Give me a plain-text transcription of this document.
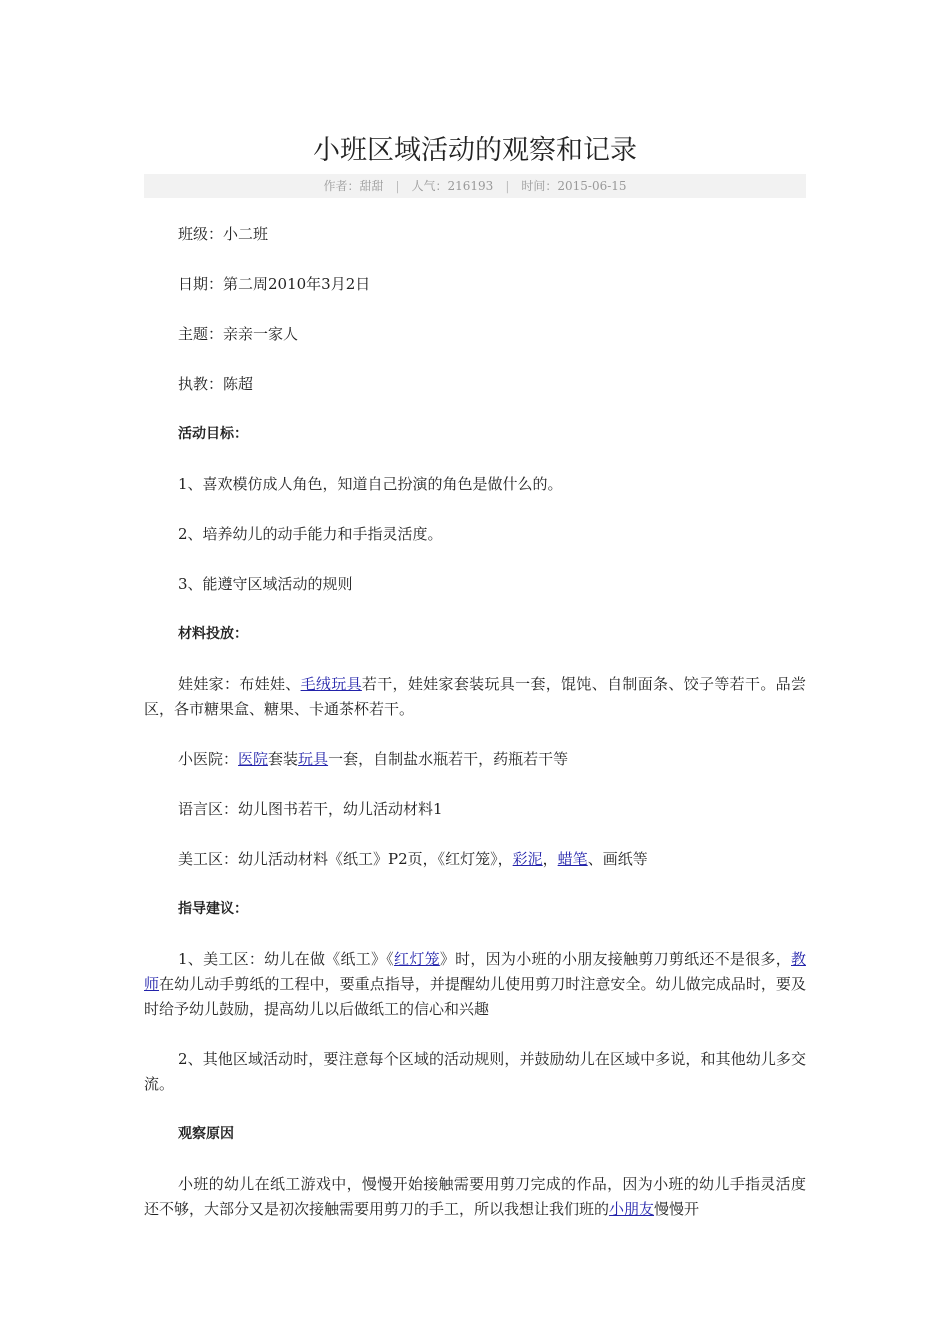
小班区域活动的观察和记录
作者：甜甜 | 人气：216193 | 时间：2015-06-15

班级：小二班

日期：第二周2010年3月2日

主题：亲亲一家人

执教：陈超

活动目标：

1、喜欢模仿成人角色，知道自己扮演的角色是做什么的。

2、培养幼儿的动手能力和手指灵活度。

3、能遵守区域活动的规则

材料投放：

娃娃家：布娃娃、毛绒玩具若干，娃娃家套装玩具一套，馄饨、自制面条、饺子等若干。品尝区，各市糖果盒、糖果、卡通茶杯若干。

小医院：医院套装玩具一套，自制盐水瓶若干，药瓶若干等

语言区：幼儿图书若干，幼儿活动材料1

美工区：幼儿活动材料《纸工》P2页，《红灯笼》，彩泥，蜡笔、画纸等

指导建议：

1、美工区：幼儿在做《纸工》《红灯笼》时，因为小班的小朋友接触剪刀剪纸还不是很多，教师在幼儿动手剪纸的工程中，要重点指导，并提醒幼儿使用剪刀时注意安全。幼儿做完成品时，要及时给予幼儿鼓励，提高幼儿以后做纸工的信心和兴趣

2、其他区域活动时，要注意每个区域的活动规则，并鼓励幼儿在区域中多说，和其他幼儿多交流。

观察原因

小班的幼儿在纸工游戏中，慢慢开始接触需要用剪刀完成的作品，因为小班的幼儿手指灵活度还不够，大部分又是初次接触需要用剪刀的手工，所以我想让我们班的小朋友慢慢开
